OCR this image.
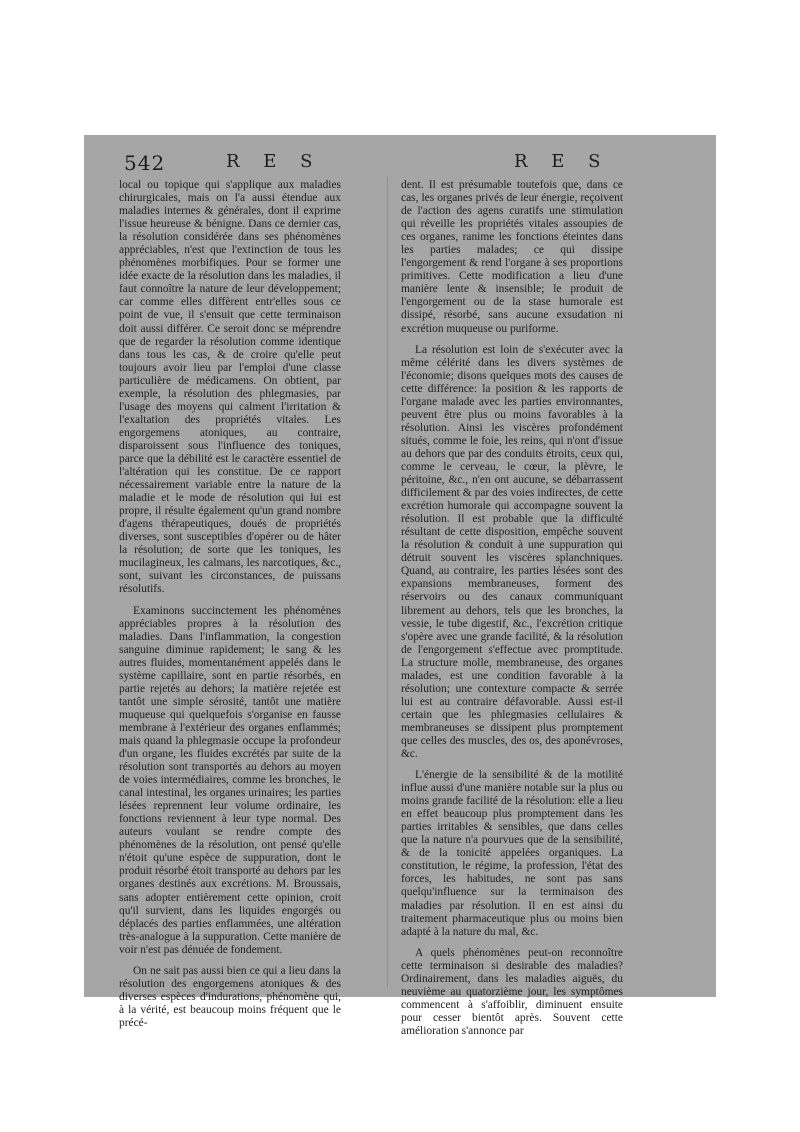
542	R E S	R E S

local ou topique qui s'applique aux maladies chirurgicales, mais on l'a aussi étendue aux maladies internes & générales, dont il exprime l'issue heureuse & bénigne. Dans ce dernier cas, la résolution considérée dans ses phénomènes appréciables, n'est que l'extinction de tous les phénomènes morbifiques. Pour se former une idée exacte de la résolution dans les maladies, il faut connoître la nature de leur développement; car comme elles diffèrent entr'elles sous ce point de vue, il s'ensuit que cette terminaison doit aussi différer. Ce seroit donc se méprendre que de regarder la résolution comme identique dans tous les cas, & de croire qu'elle peut toujours avoir lieu par l'emploi d'une classe particulière de médicamens. On obtient, par exemple, la résolution des phlegmasies, par l'usage des moyens qui calment l'irritation & l'exaltation des propriétés vitales. Les engorgemens atoniques, au contraire, disparoissent sous l'influence des toniques, parce que la débilité est le caractère essentiel de l'altération qui les constitue. De ce rapport nécessairement variable entre la nature de la maladie et le mode de résolution qui lui est propre, il résulte également qu'un grand nombre d'agens thérapeutiques, doués de propriétés diverses, sont susceptibles d'opérer ou de hâter la résolution; de sorte que les toniques, les mucilagineux, les calmans, les narcotiques, &c., sont, suivant les circonstances, de puissans résolutifs.

Examinons succinctement les phénomènes appréciables propres à la résolution des maladies. Dans l'inflammation, la congestion sanguine diminue rapidement; le sang & les autres fluides, momentanément appelés dans le système capillaire, sont en partie résorbés, en partie rejetés au dehors; la matière rejetée est tantôt une simple sérosité, tantôt une matière muqueuse qui quelquefois s'organise en fausse membrane à l'extérieur des organes enflammés; mais quand la phlegmasie occupe la profondeur d'un organe, les fluides excrétés par suite de la résolution sont transportés au dehors au moyen de voies intermédiaires, comme les bronches, le canal intestinal, les organes urinaires; les parties lésées reprennent leur volume ordinaire, les fonctions reviennent à leur type normal. Des auteurs voulant se rendre compte des phénomènes de la résolution, ont pensé qu'elle n'étoit qu'une espèce de suppuration, dont le produit résorbé étoit transporté au dehors par les organes destinés aux excrétions. M. Broussais, sans adopter entièrement cette opinion, croit qu'il survient, dans les liquides engorgés ou déplacés des parties enflammées, une altération très-analogue à la suppuration. Cette manière de voir n'est pas dénuée de fondement.

On ne sait pas aussi bien ce qui a lieu dans la résolution des engorgemens atoniques & des diverses espèces d'indurations, phénomène qui, à la vérité, est beaucoup moins fréquent que le précé-

dent. Il est présumable toutefois que, dans ce cas, les organes privés de leur énergie, reçoivent de l'action des agens curatifs une stimulation qui réveille les propriétés vitales assoupies de ces organes, ranime les fonctions éteintes dans les parties malades; ce qui dissipe l'engorgement & rend l'organe à ses proportions primitives. Cette modification a lieu d'une manière lente & insensible; le produit de l'engorgement ou de la stase humorale est dissipé, résorbé, sans aucune exsudation ni excrétion muqueuse ou puriforme.

La résolution est loin de s'exécuter avec la même célérité dans les divers systèmes de l'économie; disons quelques mots des causes de cette différence: la position & les rapports de l'organe malade avec les parties environnantes, peuvent être plus ou moins favorables à la résolution. Ainsi les viscères profondément situés, comme le foie, les reins, qui n'ont d'issue au dehors que par des conduits étroits, ceux qui, comme le cerveau, le cœur, la plèvre, le péritoine, &c., n'en ont aucune, se débarrassent difficilement & par des voies indirectes, de cette excrétion humorale qui accompagne souvent la résolution. Il est probable que la difficulté résultant de cette disposition, empêche souvent la résolution & conduit à une suppuration qui détruit souvent les viscères splanchniques. Quand, au contraire, les parties lésées sont des expansions membraneuses, forment des réservoirs ou des canaux communiquant librement au dehors, tels que les bronches, la vessie, le tube digestif, &c., l'excrétion critique s'opère avec une grande facilité, & la résolution de l'engorgement s'effectue avec promptitude. La structure molle, membraneuse, des organes malades, est une condition favorable à la résolution; une contexture compacte & serrée lui est au contraire défavorable. Aussi est-il certain que les phlegmasies cellulaires & membraneuses se dissipent plus promptement que celles des muscles, des os, des aponévroses, &c.

L'énergie de la sensibilité & de la motilité influe aussi d'une manière notable sur la plus ou moins grande facilité de la résolution: elle a lieu en effet beaucoup plus promptement dans les parties irritables & sensibles, que dans celles que la nature n'a pourvues que de la sensibilité, & de la tonicité appelées organiques. La constitution, le régime, la profession, l'état des forces, les habitudes, ne sont pas sans quelqu'influence sur la terminaison des maladies par résolution. Il en est ainsi du traitement pharmaceutique plus ou moins bien adapté à la nature du mal, &c.

A quels phénomènes peut-on reconnoître cette terminaison si desirable des maladies? Ordinairement, dans les maladies aiguës, du neuvième au quatorzième jour, les symptômes commencent à s'affoiblir, diminuent ensuite pour cesser bientôt après. Souvent cette amélioration s'annonce par
